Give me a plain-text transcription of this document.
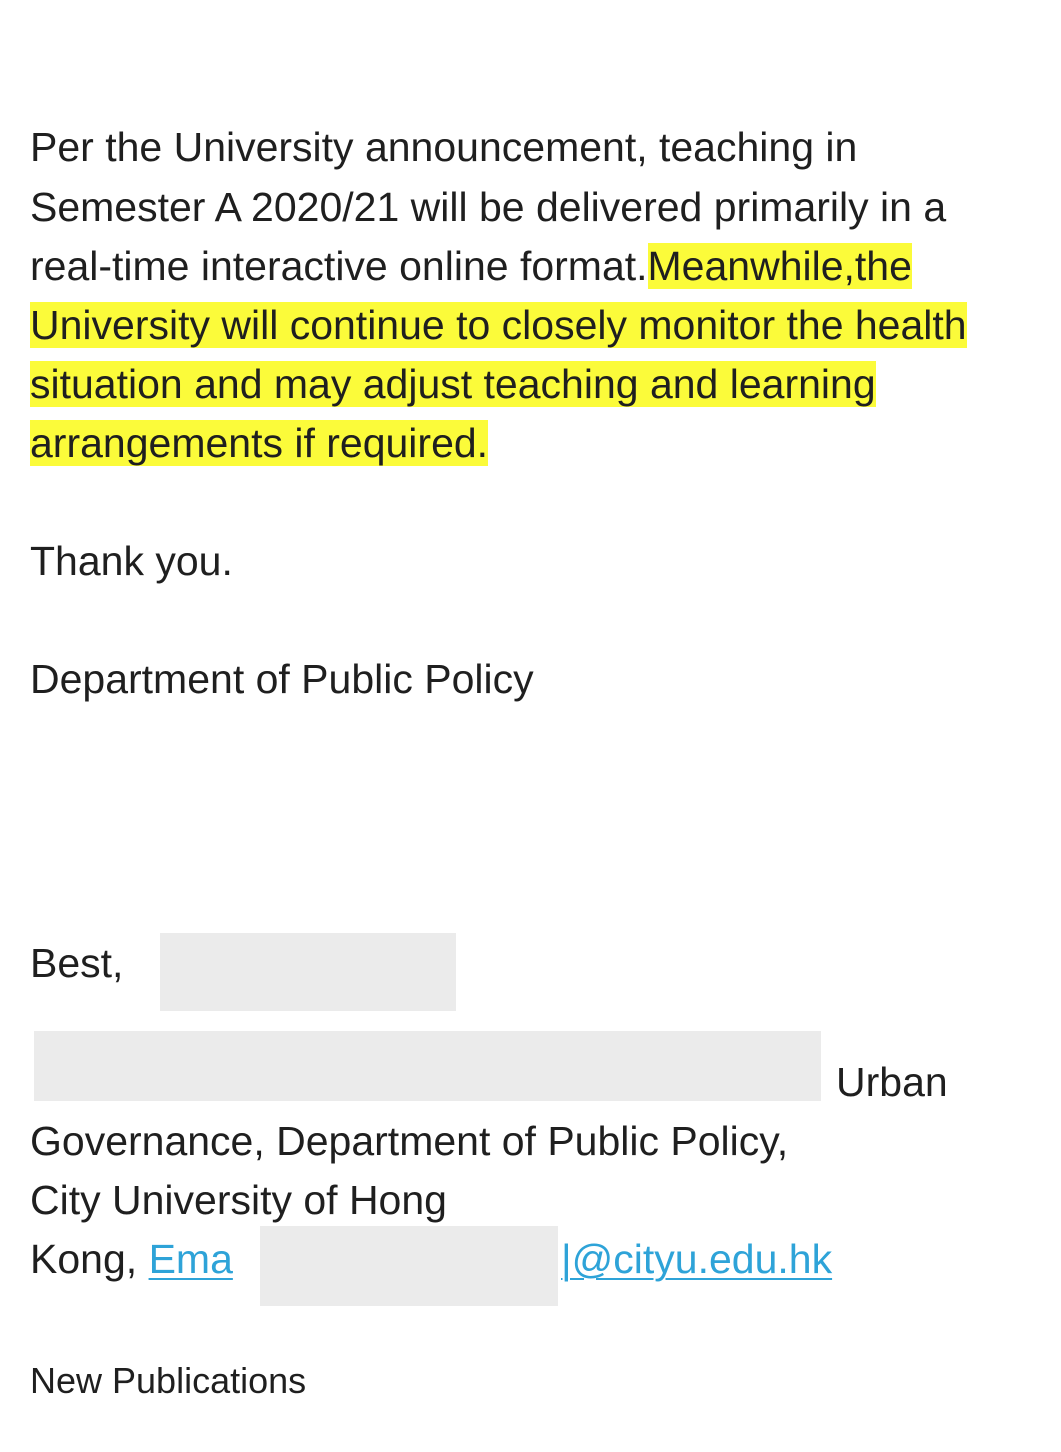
Per the University announcement, teaching in
Semester A 2020/21 will be delivered primarily in a
real-time interactive online format.Meanwhile,the
University will continue to closely monitor the health
situation and may adjust teaching and learning
arrangements if required.
Thank you.
Department of Public Policy
Best,
Urban
Governance, Department of Public Policy,
City University of Hong
Kong, Ema	|@cityu.edu.hk
New Publications
